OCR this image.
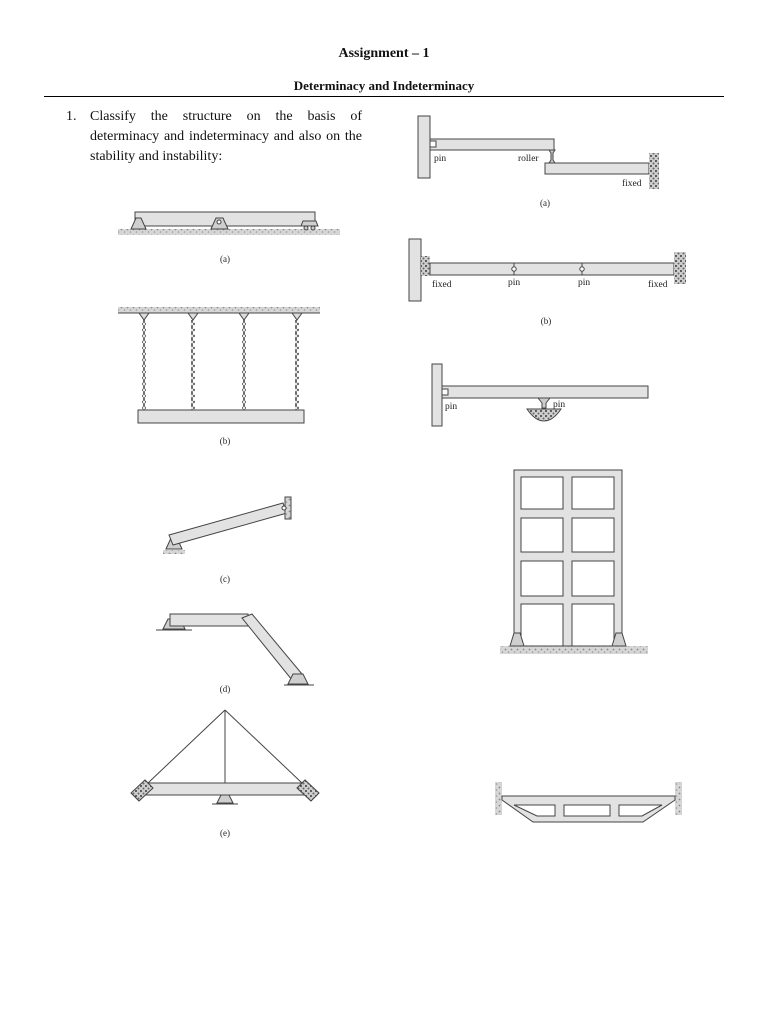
Assignment – 1
Determinacy and Indeterminacy
1. Classify the structure on the basis of determinacy and indeterminacy and also on the stability and instability:
(a)
(b)
(c)
(d)
(e)
pin	roller
fixed
(a)
fixed	pin	pin	fixed
(b)
pin	pin
